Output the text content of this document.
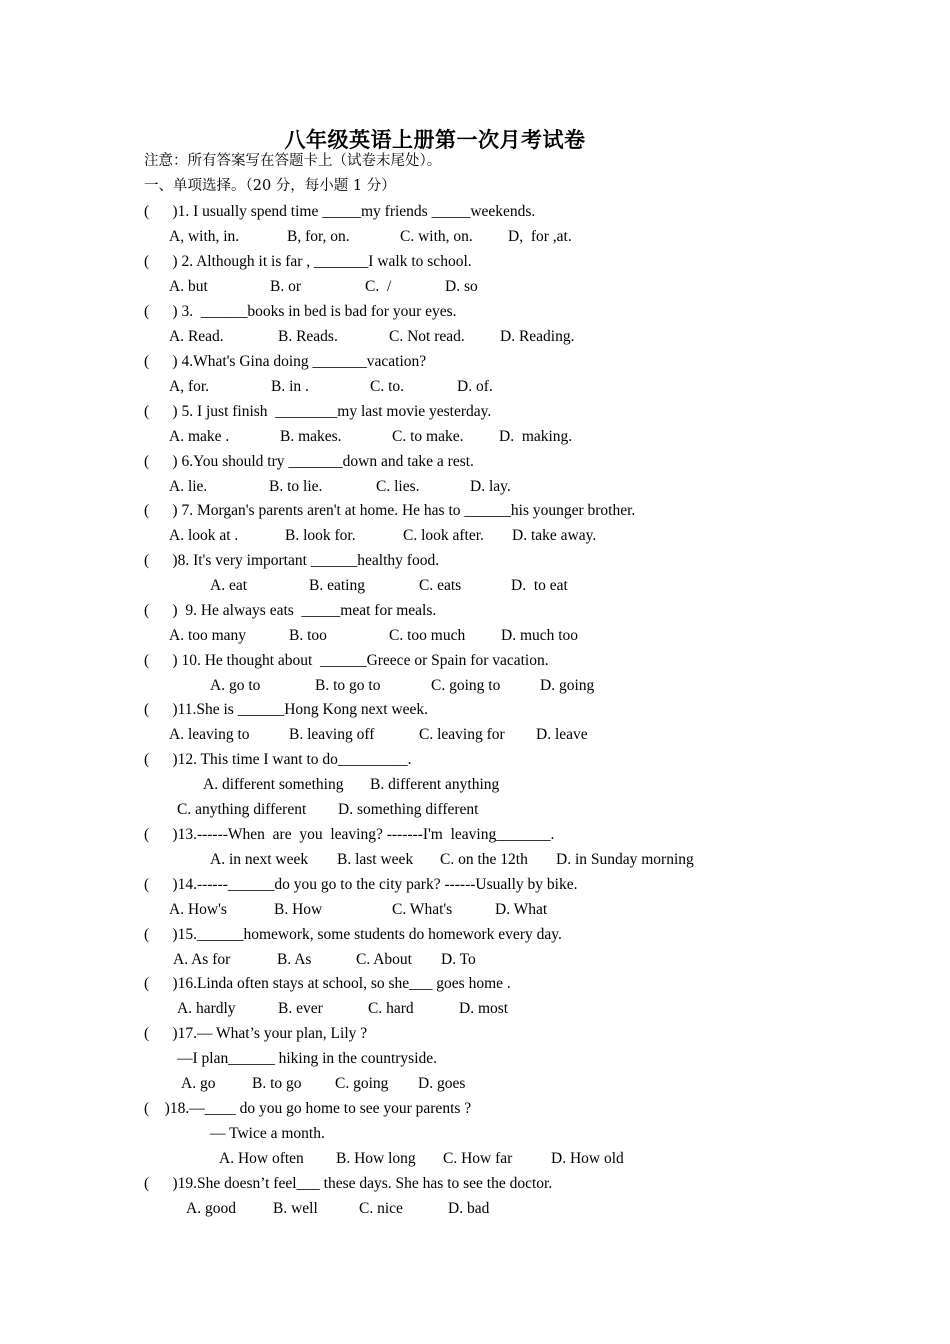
八年级英语上册第一次月考试卷
注意：所有答案写在答题卡上（试卷末尾处）。
一、单项选择。（20 分，每小题 1 分）
(      )1. I usually spend time _____my friends _____weekends.
A, with, in.	B, for, on.	C. with, on. D,  for ,at.
(      ) 2. Although it is far , _______I walk to school.
A. but	B. or	C.  /	D. so
(      ) 3.  ______books in bed is bad for your eyes.
A. Read.	B. Reads.	C. Not read. D. Reading.
(      ) 4.What's Gina doing _______vacation?
A, for.	B. in .	C. to.	D. of.
(      ) 5. I just finish  ________my last movie yesterday.
A. make .	B. makes.	C. to make. D.  making.
(      ) 6.You should try _______down and take a rest.
A. lie.	B. to lie.	C. lies.	D. lay.
(      ) 7. Morgan's parents aren't at home. He has to ______his younger brother.
A. look at .	B. look for.	C. look after. D. take away.
(      )8. It's very important ______healthy food.
A. eat	B. eating	C. eats	D.  to eat
(      )  9. He always eats  _____meat for meals.
A. too many	B. too	C. too much D. much too
(      ) 10. He thought about  ______Greece or Spain for vacation.
A. go to	B. to go to	C. going to	D. going
(      )11.She is ______Hong Kong next week.
A. leaving to	B. leaving off	C. leaving for D. leave
(      )12. This time I want to do_________.
A. different something B. different anything
C. anything different D. something different
(      )13.------When  are  you  leaving? -------I'm  leaving_______.
A. in next week B. last week C. on the 12th D. in Sunday morning
(      )14.------______do you go to the city park? ------Usually by bike.
A. How's	B. How	C. What's	D. What
(      )15.______homework, some students do homework every day.
A. As for	B. As	C. About D. To
(      )16.Linda often stays at school, so she___ goes home .
A. hardly	B. ever	C. hard	D. most
(      )17.— What’s your plan, Lily ?
—I plan______ hiking in the countryside.
A. go B. to go C. going D. goes
(    )18.—____ do you go home to see your parents ?
— Twice a month.
A. How often B. How long C. How far D. How old
(      )19.She doesn’t feel___ these days. She has to see the doctor.
A. good B. well	C. nice	D. bad
